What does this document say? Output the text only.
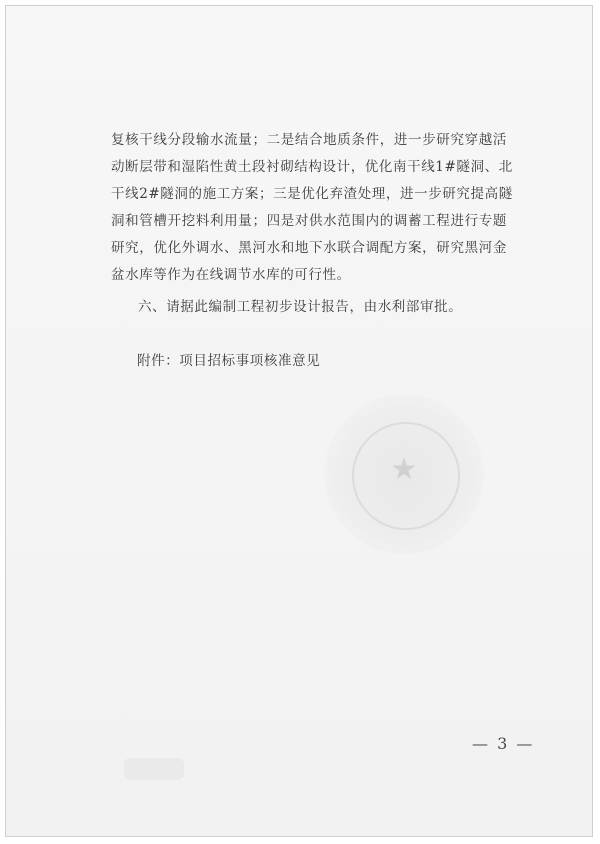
复核干线分段输水流量；二是结合地质条件，进一步研究穿越活
动断层带和湿陷性黄土段衬砌结构设计，优化南干线1#隧洞、北
干线2#隧洞的施工方案；三是优化弃渣处理，进一步研究提高隧
洞和管槽开挖料利用量；四是对供水范围内的调蓄工程进行专题
研究，优化外调水、黑河水和地下水联合调配方案，研究黑河金
盆水库等作为在线调节水库的可行性。
六、请据此编制工程初步设计报告，由水利部审批。
附件：项目招标事项核准意见
★
— 3 —
